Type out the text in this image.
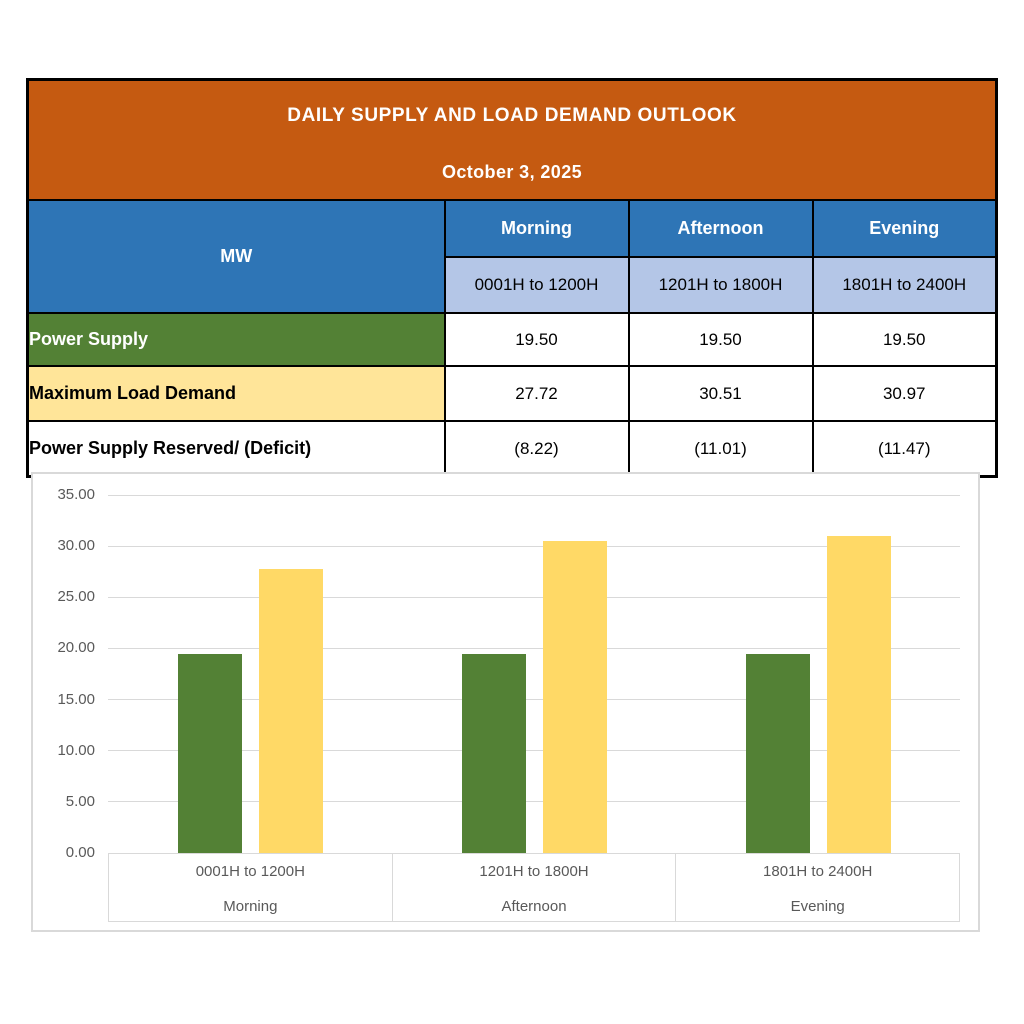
DAILY SUPPLY AND LOAD DEMAND OUTLOOK
October 3, 2025			

MW	Morning	Afternoon	Evening
	0001H to 1200H	1201H to 1800H	1801H to 2400H
Power Supply	19.50	19.50	19.50
Maximum Load Demand	27.72	30.51	30.97
Power Supply Reserved/ (Deficit)	(8.22)	(11.01)	(11.47)
0.00
5.00
10.00
15.00
20.00
25.00
30.00
35.00
0001H to 1200H
Morning
1201H to 1800H
Afternoon
1801H to 2400H
Evening
